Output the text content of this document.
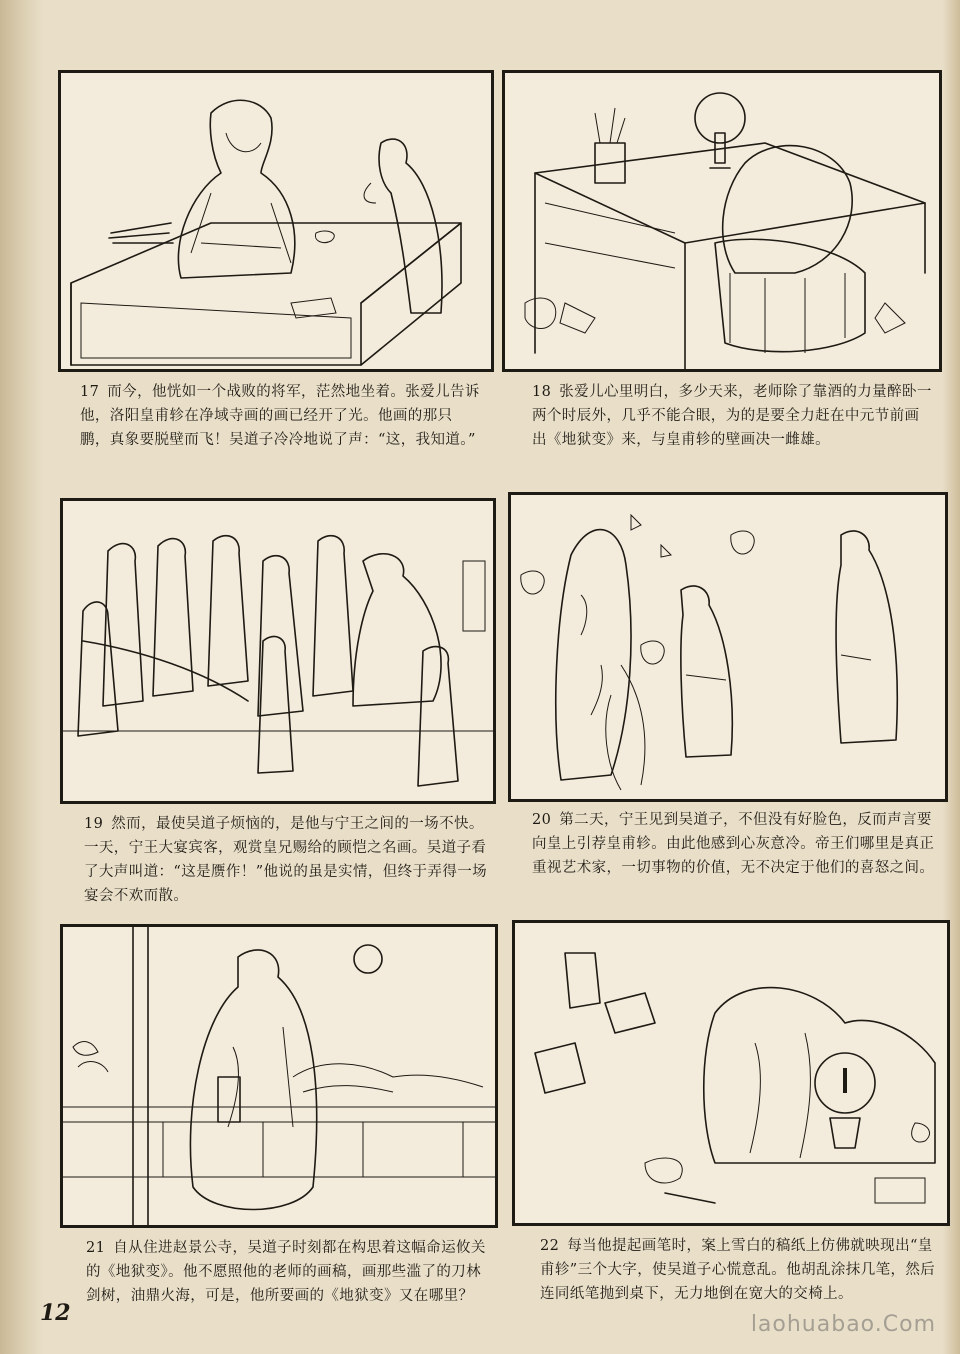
17 而今，他恍如一个战败的将军，茫然地坐着。张爱儿告诉他，洛阳皇甫轸在净域寺画的画已经开了光。他画的那只鹏，真象要脱壁而飞！吴道子冷冷地说了声：“这，我知道。”
18 张爱儿心里明白，多少天来，老师除了靠酒的力量醉卧一两个时辰外，几乎不能合眼，为的是要全力赶在中元节前画出《地狱变》来，与皇甫轸的壁画决一雌雄。
19 然而，最使吴道子烦恼的，是他与宁王之间的一场不快。一天，宁王大宴宾客，观赏皇兄赐给的顾恺之名画。吴道子看了大声叫道：“这是赝作！”他说的虽是实情，但终于弄得一场宴会不欢而散。
20 第二天，宁王见到吴道子，不但没有好脸色，反而声言要向皇上引荐皇甫轸。由此他感到心灰意冷。帝王们哪里是真正重视艺术家，一切事物的价值，无不决定于他们的喜怒之间。
21 自从住进赵景公寺，吴道子时刻都在构思着这幅命运攸关的《地狱变》。他不愿照他的老师的画稿，画那些滥了的刀林剑树，油鼎火海，可是，他所要画的《地狱变》又在哪里？
22 每当他提起画笔时，案上雪白的稿纸上仿佛就映现出“皇甫轸”三个大字，使吴道子心慌意乱。他胡乱涂抹几笔，然后连同纸笔抛到桌下，无力地倒在宽大的交椅上。
12	laohuabao.Com
